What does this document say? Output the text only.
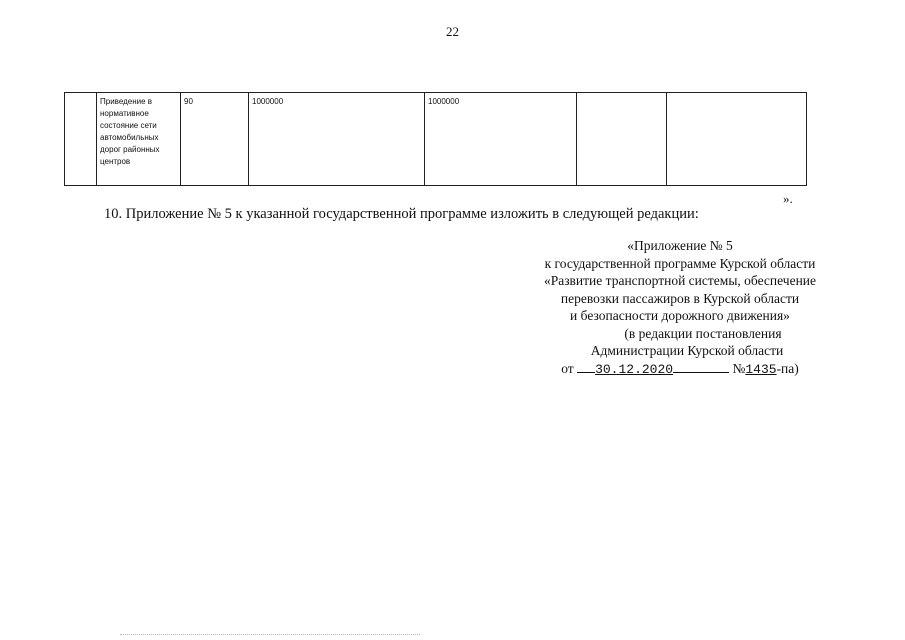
22
	Приведение в нормативное состояние сети автомобильных дорог районных центров	90	1000000	1000000		
».
10. Приложение № 5 к указанной государственной программе изложить в следующей редакции:
«Приложение № 5
к государственной программе Курской области
«Развитие транспортной системы, обеспечение
перевозки пассажиров в Курской области
и безопасности дорожного движения»
(в редакции постановления
Администрации Курской области
от 30.12.2020	№1435-па)
